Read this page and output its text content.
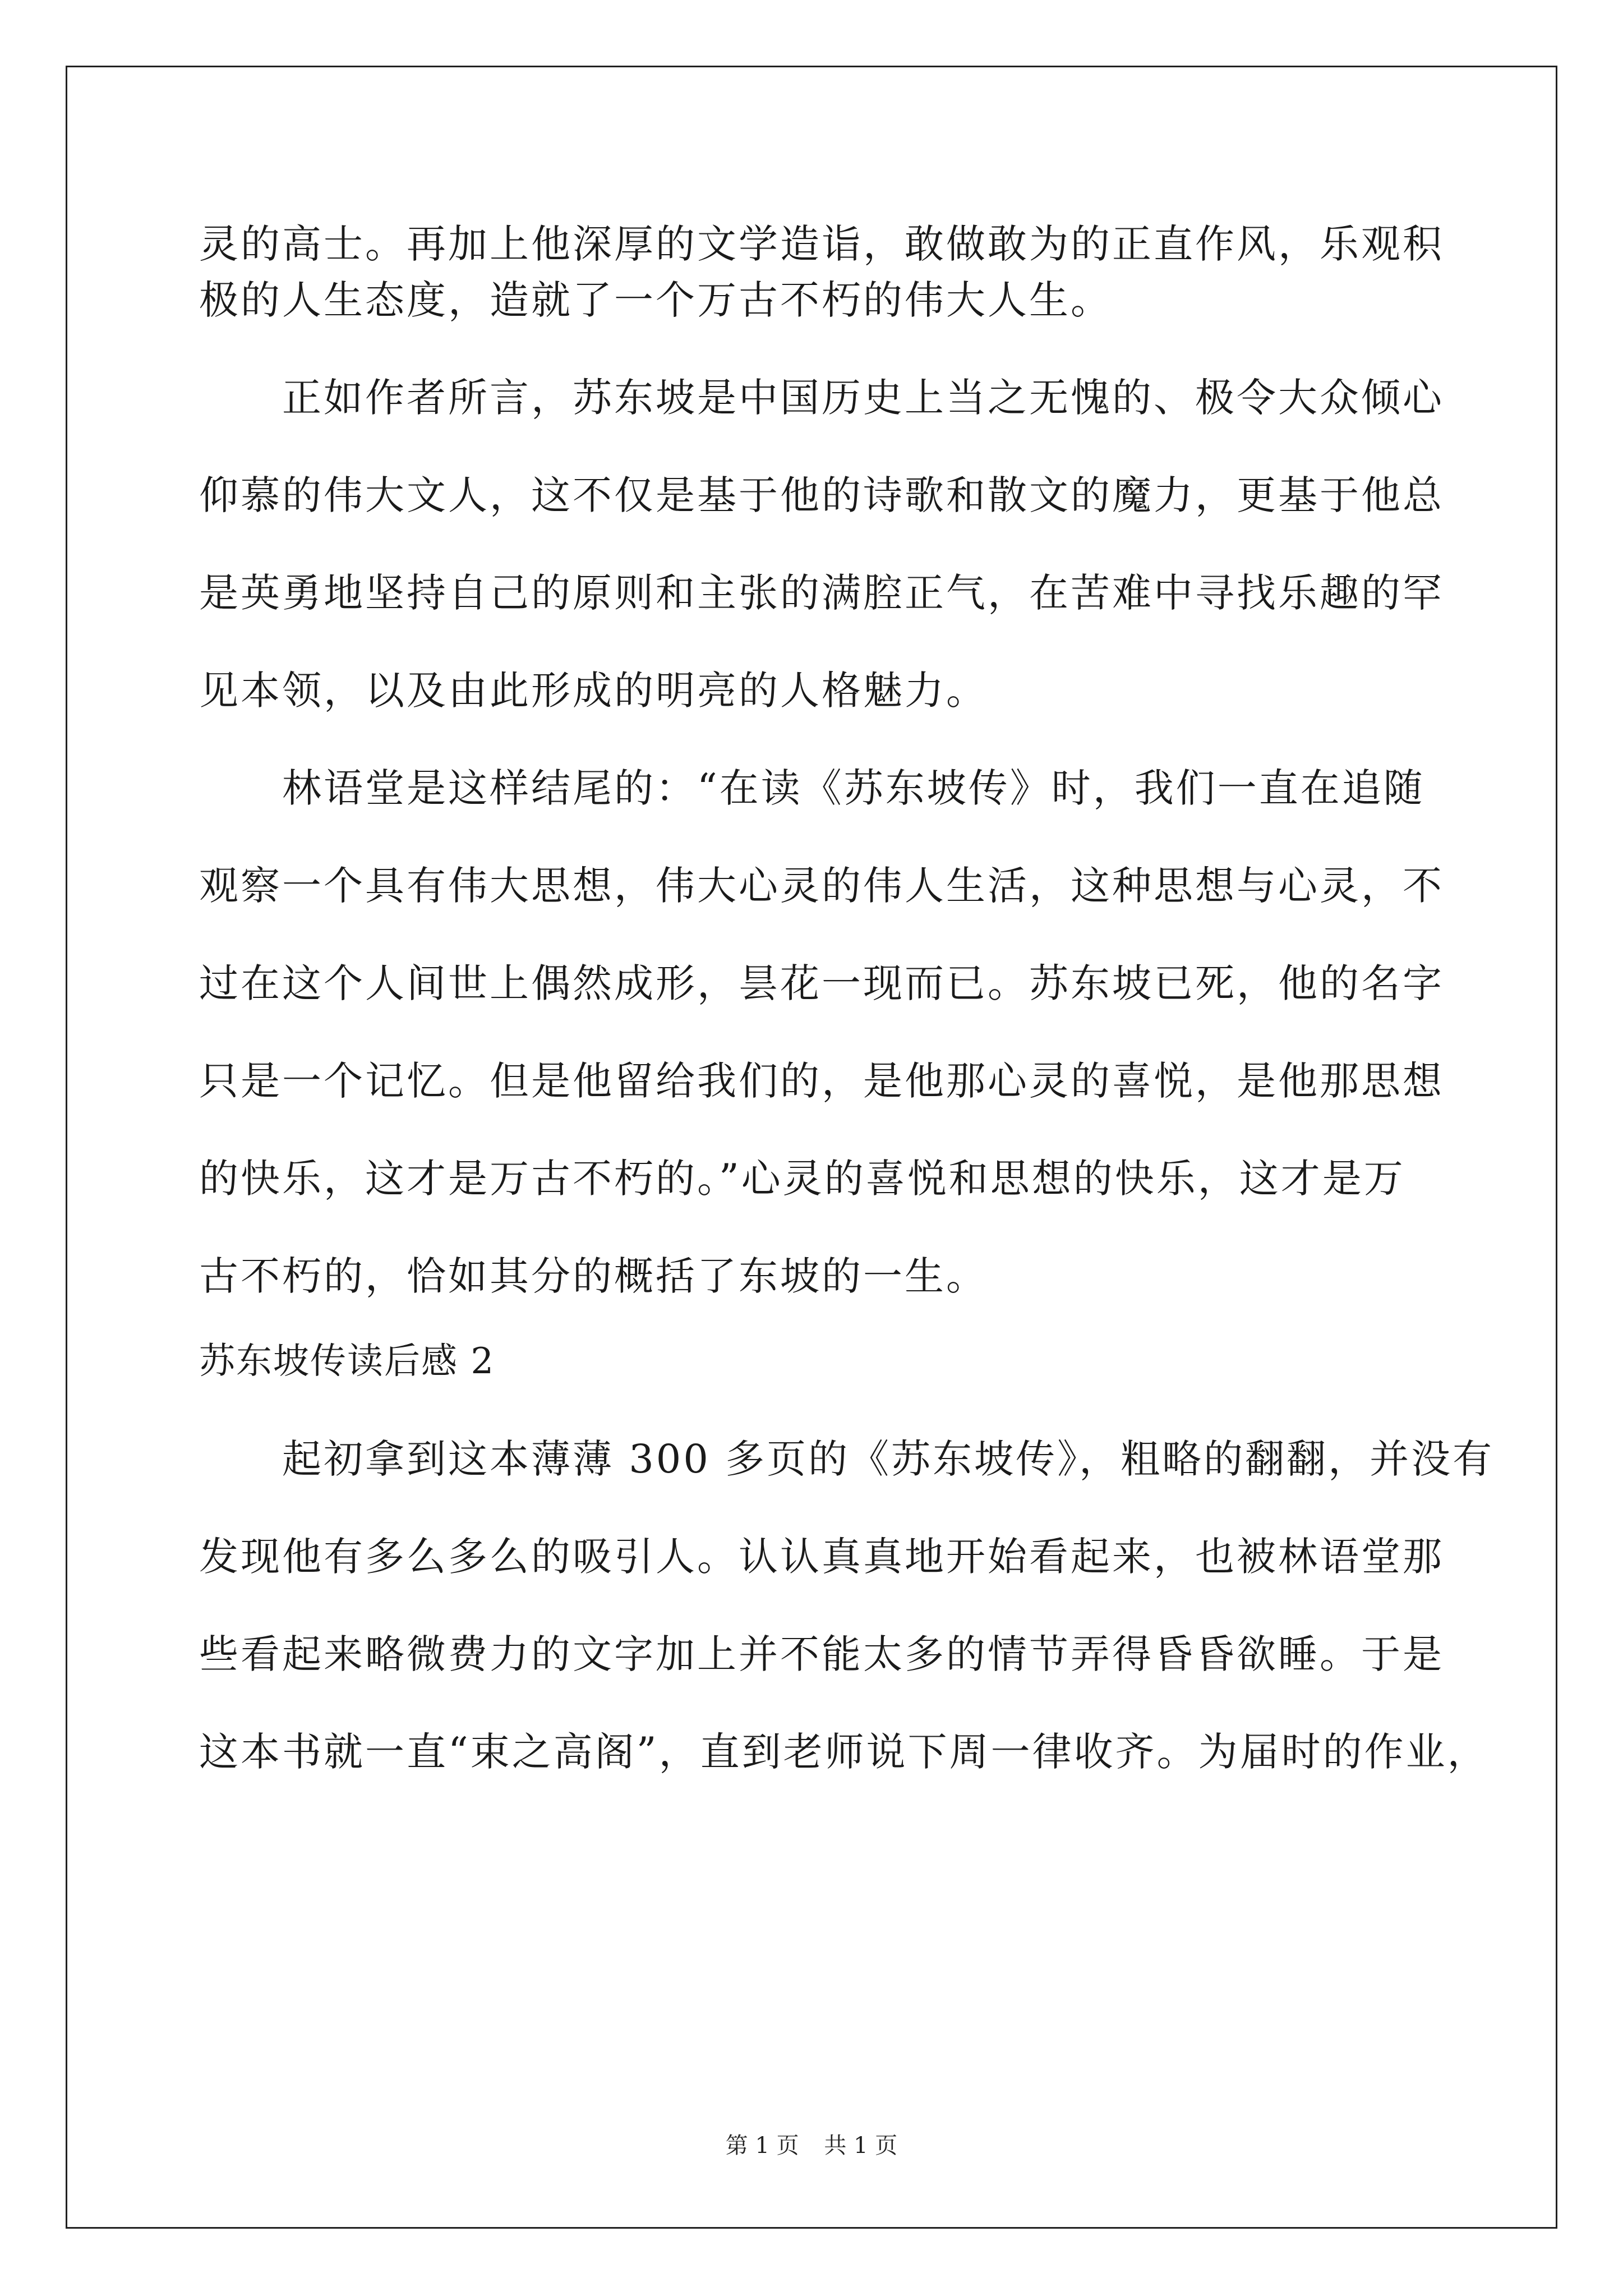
灵的高士。再加上他深厚的文学造诣，敢做敢为的正直作风，乐观积
极的人生态度，造就了一个万古不朽的伟大人生。
正如作者所言，苏东坡是中国历史上当之无愧的、极令大众倾心
仰慕的伟大文人，这不仅是基于他的诗歌和散文的魔力，更基于他总
是英勇地坚持自己的原则和主张的满腔正气，在苦难中寻找乐趣的罕
见本领，以及由此形成的明亮的人格魅力。
林语堂是这样结尾的：“在读《苏东坡传》时，我们一直在追随
观察一个具有伟大思想，伟大心灵的伟人生活，这种思想与心灵，不
过在这个人间世上偶然成形，昙花一现而已。苏东坡已死，他的名字
只是一个记忆。但是他留给我们的，是他那心灵的喜悦，是他那思想
的快乐，这才是万古不朽的。”心灵的喜悦和思想的快乐，这才是万
古不朽的，恰如其分的概括了东坡的一生。
苏东坡传读后感 2
起初拿到这本薄薄 300 多页的《苏东坡传》，粗略的翻翻，并没有
发现他有多么多么的吸引人。认认真真地开始看起来，也被林语堂那
些看起来略微费力的文字加上并不能太多的情节弄得昏昏欲睡。于是
这本书就一直“束之高阁”，直到老师说下周一律收齐。为届时的作业，
第 1 页 共 1 页
